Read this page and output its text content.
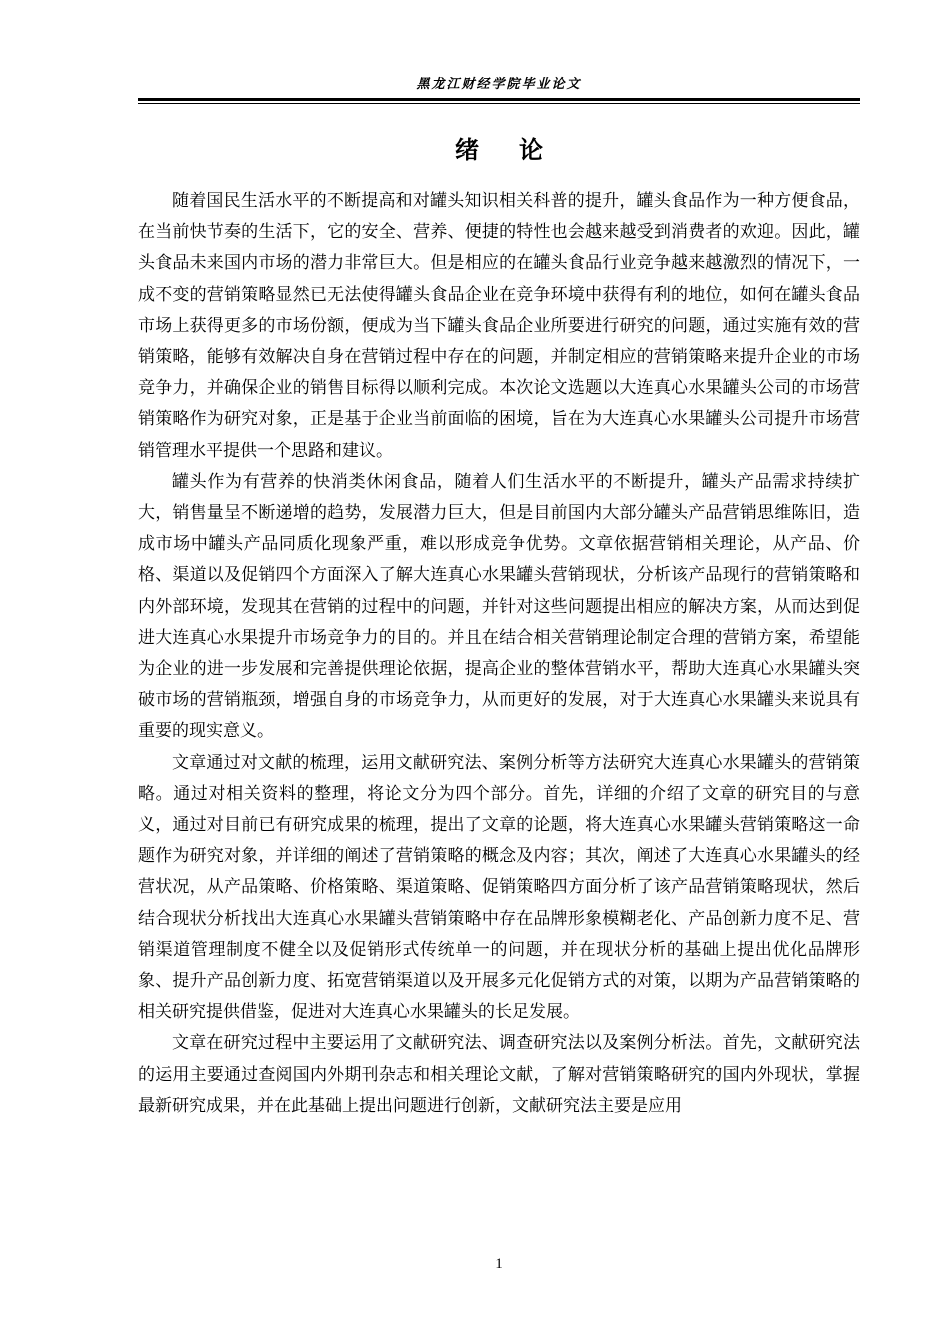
黑龙江财经学院毕业论文
绪论

随着国民生活水平的不断提高和对罐头知识相关科普的提升，罐头食品作为一种方便食品，在当前快节奏的生活下，它的安全、营养、便捷的特性也会越来越受到消费者的欢迎。因此，罐头食品未来国内市场的潜力非常巨大。但是相应的在罐头食品行业竞争越来越激烈的情况下，一成不变的营销策略显然已无法使得罐头食品企业在竞争环境中获得有利的地位，如何在罐头食品市场上获得更多的市场份额，便成为当下罐头食品企业所要进行研究的问题，通过实施有效的营销策略，能够有效解决自身在营销过程中存在的问题，并制定相应的营销策略来提升企业的市场竞争力，并确保企业的销售目标得以顺利完成。本次论文选题以大连真心水果罐头公司的市场营销策略作为研究对象，正是基于企业当前面临的困境，旨在为大连真心水果罐头公司提升市场营销管理水平提供一个思路和建议。

罐头作为有营养的快消类休闲食品，随着人们生活水平的不断提升，罐头产品需求持续扩大，销售量呈不断递增的趋势，发展潜力巨大，但是目前国内大部分罐头产品营销思维陈旧，造成市场中罐头产品同质化现象严重，难以形成竞争优势。文章依据营销相关理论，从产品、价格、渠道以及促销四个方面深入了解大连真心水果罐头营销现状，分析该产品现行的营销策略和内外部环境，发现其在营销的过程中的问题，并针对这些问题提出相应的解决方案，从而达到促进大连真心水果提升市场竞争力的目的。并且在结合相关营销理论制定合理的营销方案，希望能为企业的进一步发展和完善提供理论依据，提高企业的整体营销水平，帮助大连真心水果罐头突破市场的营销瓶颈，增强自身的市场竞争力，从而更好的发展，对于大连真心水果罐头来说具有重要的现实意义。

文章通过对文献的梳理，运用文献研究法、案例分析等方法研究大连真心水果罐头的营销策略。通过对相关资料的整理，将论文分为四个部分。首先，详细的介绍了文章的研究目的与意义，通过对目前已有研究成果的梳理，提出了文章的论题，将大连真心水果罐头营销策略这一命题作为研究对象，并详细的阐述了营销策略的概念及内容；其次，阐述了大连真心水果罐头的经营状况，从产品策略、价格策略、渠道策略、促销策略四方面分析了该产品营销策略现状，然后结合现状分析找出大连真心水果罐头营销策略中存在品牌形象模糊老化、产品创新力度不足、营销渠道管理制度不健全以及促销形式传统单一的问题，并在现状分析的基础上提出优化品牌形象、提升产品创新力度、拓宽营销渠道以及开展多元化促销方式的对策，以期为产品营销策略的相关研究提供借鉴，促进对大连真心水果罐头的长足发展。

文章在研究过程中主要运用了文献研究法、调查研究法以及案例分析法。首先，文献研究法的运用主要通过查阅国内外期刊杂志和相关理论文献，了解对营销策略研究的国内外现状，掌握最新研究成果，并在此基础上提出问题进行创新，文献研究法主要是应用

1
